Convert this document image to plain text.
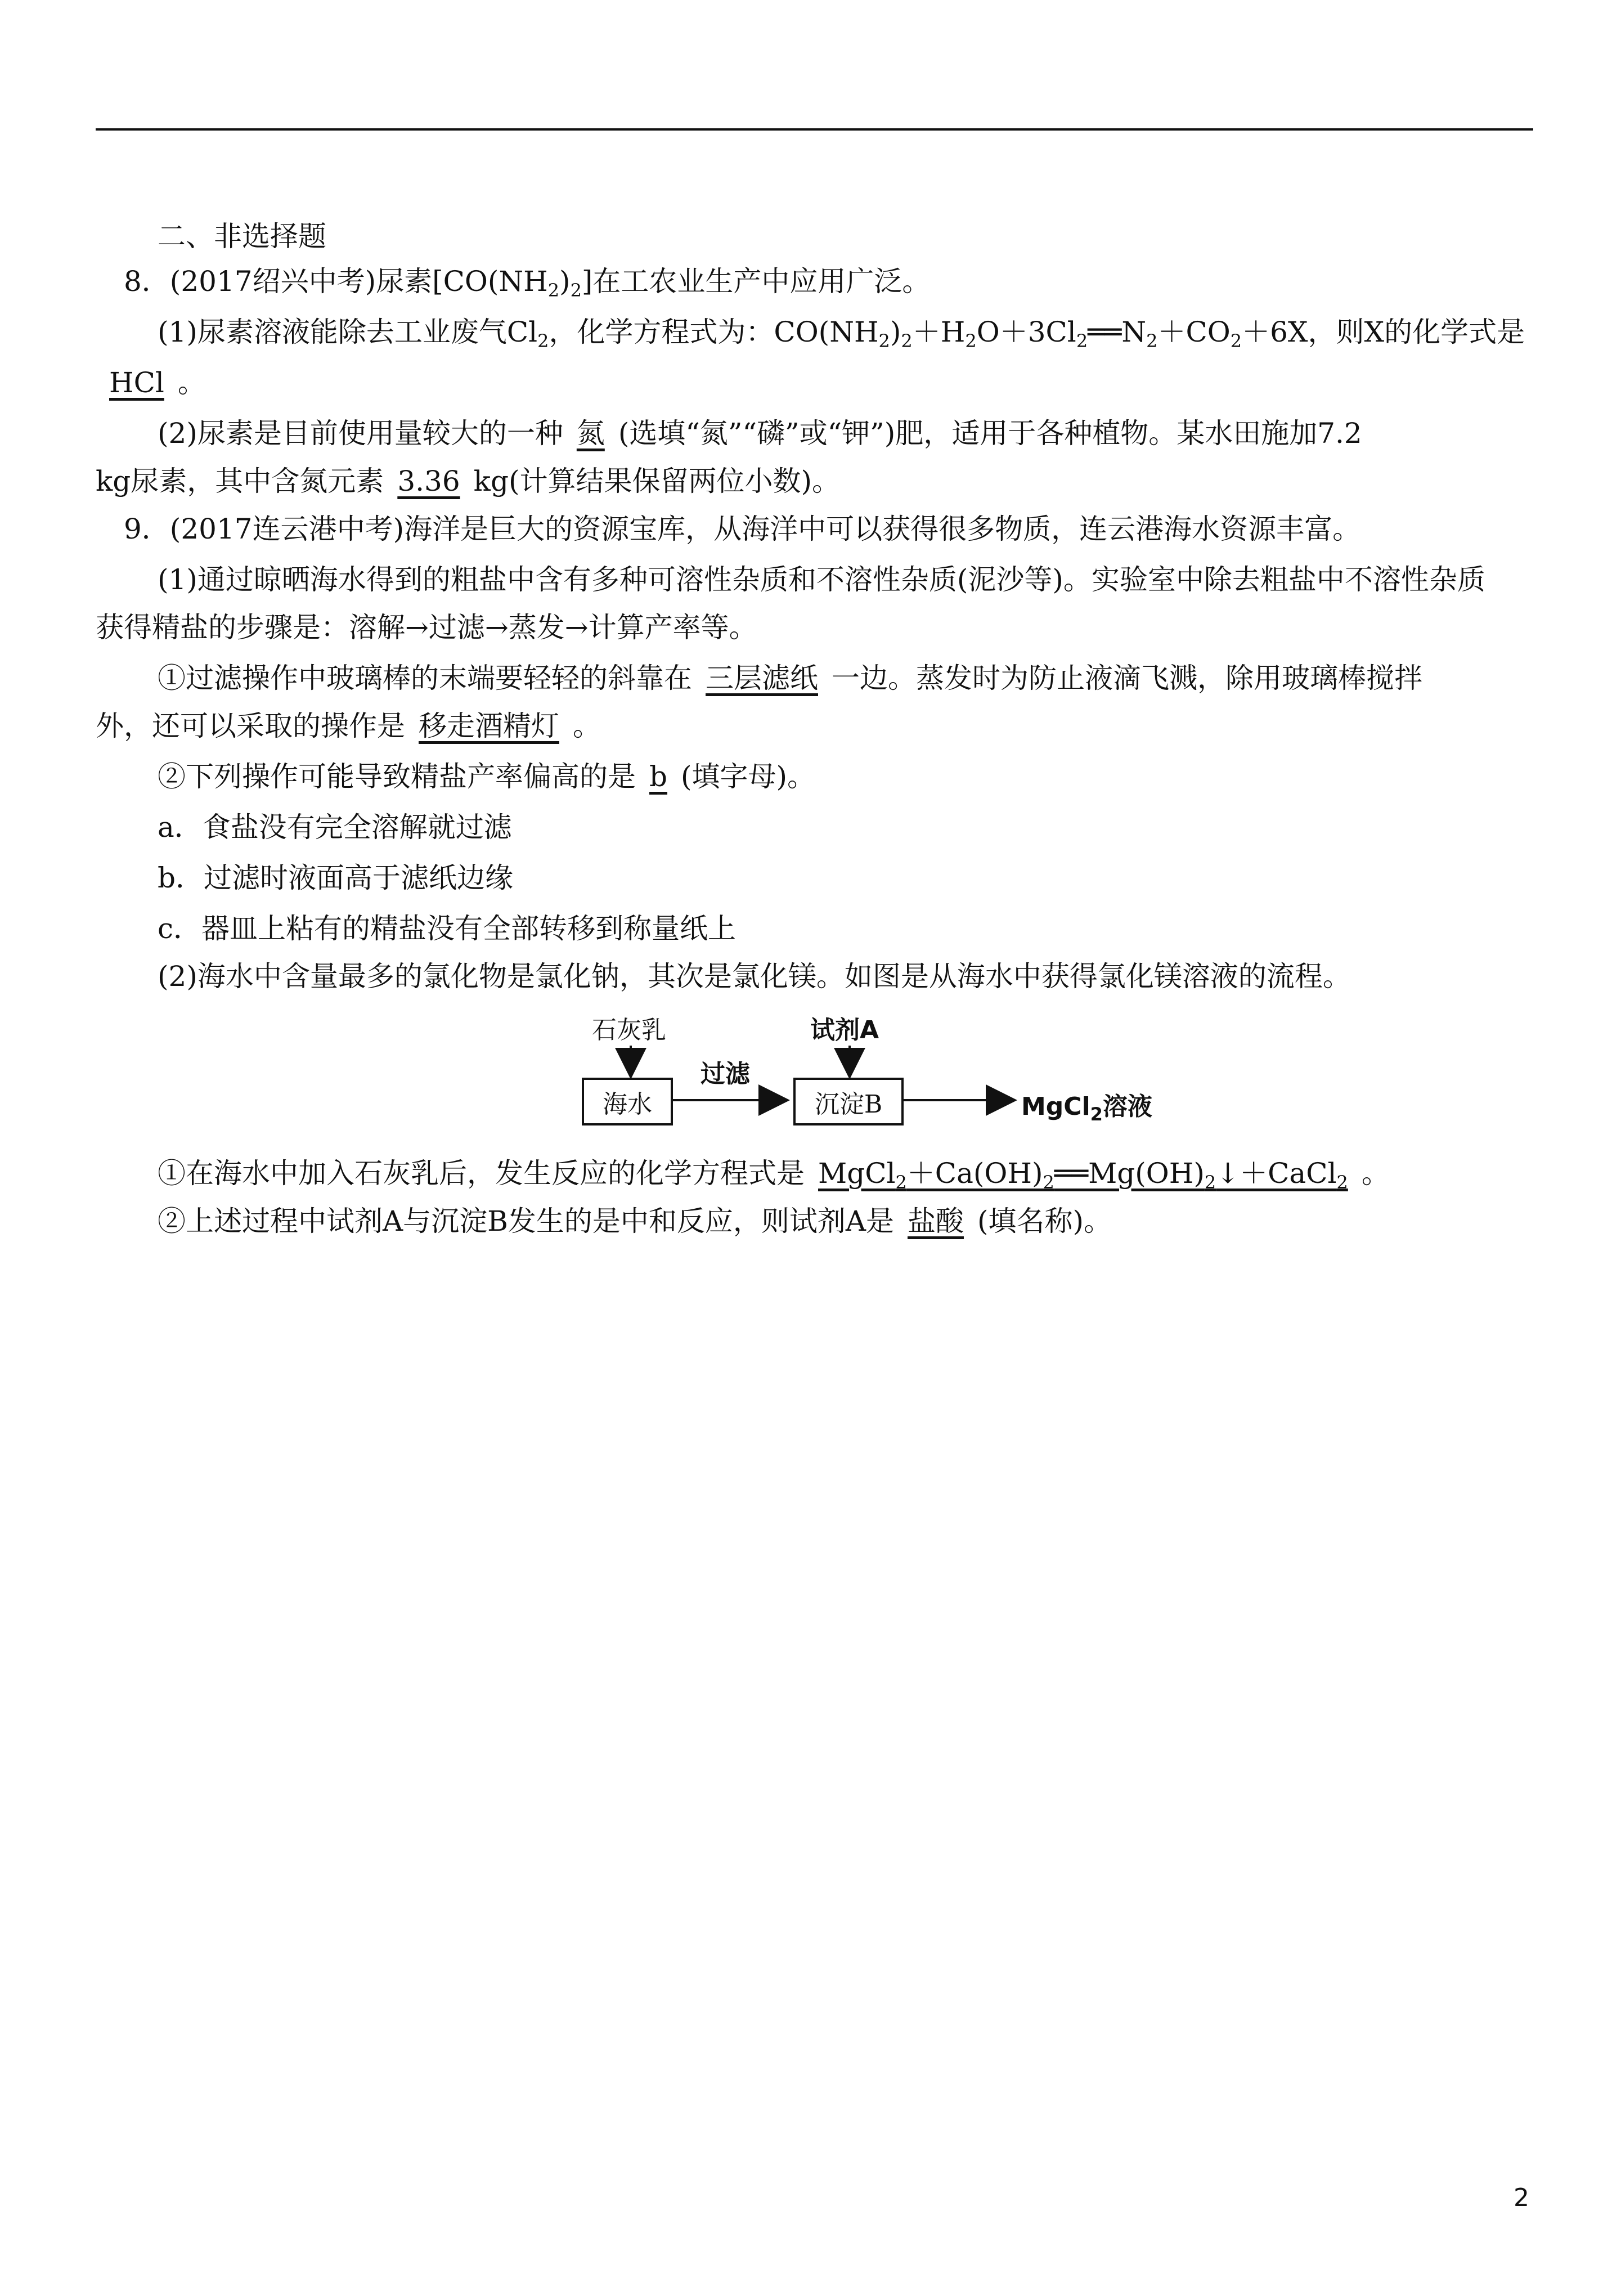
二、非选择题
8．(2017绍兴中考)尿素$[CO(NH_2)_2]$在工农业生产中应用广泛。
(1)尿素溶液能除去工业废气$Cl_2$，化学方程式为：$CO(NH_2)_2+H_2O+3Cl_2══N_2+CO_2+6X$，则X的化学式是
HCl 。
(2)尿素是目前使用量较大的一种 氮 (选填“氮”“磷”或“钾”)肥，适用于各种植物。某水田施加7.2
kg尿素，其中含氮元素 3.36 kg(计算结果保留两位小数)。
9．(2017连云港中考)海洋是巨大的资源宝库，从海洋中可以获得很多物质，连云港海水资源丰富。
(1)通过晾晒海水得到的粗盐中含有多种可溶性杂质和不溶性杂质(泥沙等)。实验室中除去粗盐中不溶性杂质
获得精盐的步骤是：溶解→过滤→蒸发→计算产率等。
①过滤操作中玻璃棒的末端要轻轻的斜靠在 三层滤纸 一边。蒸发时为防止液滴飞溅，除用玻璃棒搅拌
外，还可以采取的操作是 移走酒精灯 。
②下列操作可能导致精盐产率偏高的是 b (填字母)。
a．食盐没有完全溶解就过滤
b．过滤时液面高于滤纸边缘
c．器皿上粘有的精盐没有全部转移到称量纸上
(2)海水中含量最多的氯化物是氯化钠，其次是氯化镁。如图是从海水中获得氯化镁溶液的流程。
石灰乳	试剂A
海水	沉淀B
过滤
MgCl$_2$溶液
①在海水中加入石灰乳后，发生反应的化学方程式是 $MgCl_2+Ca(OH)_2══Mg(OH)_2↓+CaCl_2$ 。
②上述过程中试剂A与沉淀B发生的是中和反应，则试剂A是 盐酸 (填名称)。
2
